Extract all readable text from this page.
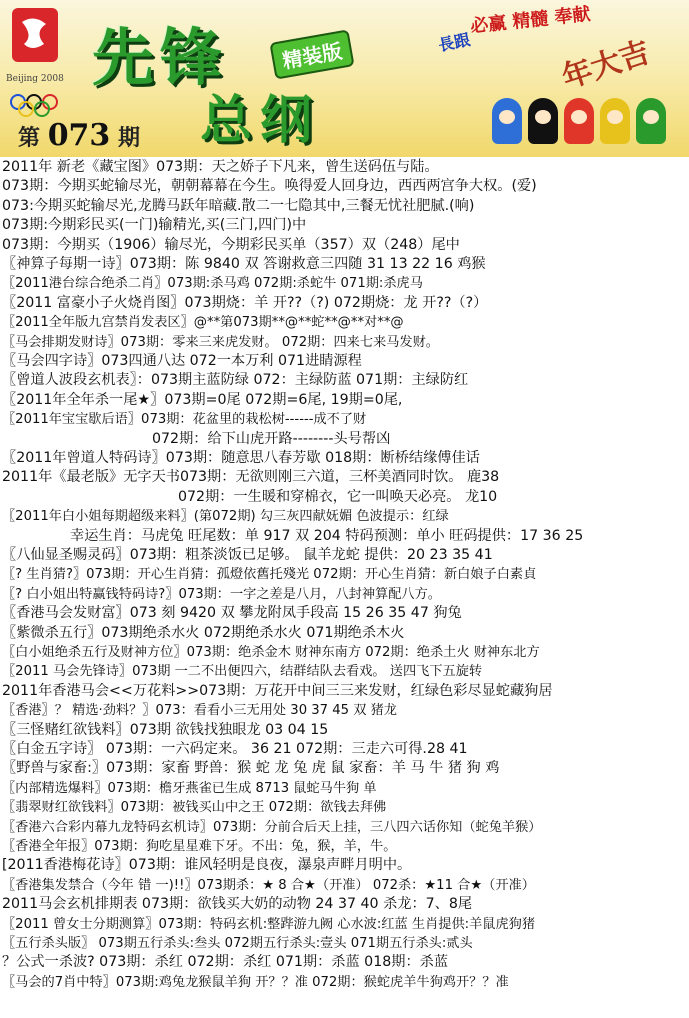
Beijing 2008 先锋	精装版
总纲
必赢 精髓 奉献
長跟	年大吉
第 073 期
2011年 新老《藏宝图》073期：天之娇子下凡来，曾生送码伍与陆。
073期：今期买蛇输尽光，朝朝幕幕在今生。唤得爱人回身边，西西两宫争大权。(爱)
073:今期买蛇输尽光,龙腾马跃年暗藏.散二一七隐其中,三餐无忧社肥腻.(响)
073期:今期彩民买(一门)输精光,买(三门,四门)中
073期：今期买（1906）输尽光，今期彩民买单（357）双（248）尾中
〖神算子每期一诗〗073期：陈 9840 双 答谢救意三四随 31 13 22 16 鸡猴
〖2011港台综合绝杀二肖〗073期:杀马鸡 072期:杀蛇牛 071期:杀虎马
〖2011 富豪小子火烧肖图〗073期烧：羊 开??（?) 072期烧：龙 开??（?）
〖2011全年版九宫禁肖发表区〗@**第073期**@**蛇**@**对**@
〖马会排期发财诗〗073期：零来三来虎发财。 072期：四来七来马发财。
〖马会四字诗〗073四通八达 072一本万利 071进睛源程
〖曾道人波段玄机表〗：073期主蓝防绿 072：主绿防蓝 071期：主绿防红
〖2011年全年杀一尾★〗073期=0尾 072期=6尾, 19期=0尾,
〖2011年宝宝歇后语〗073期：花盆里的栽松树------成不了财
072期：给下山虎开路--------头号帮凶
〖2011年曾道人特码诗〗073期：随意思八春芳歇 018期：断桥结缘傅佳话
2011年《最老版》无字天书073期：无欲则刚三六道，三杯美酒同时饮。 鹿38
072期：一生暖和穿棉衣，它一叫唤天必亮。 龙10
〖2011年白小姐每期超级来料〗(第072期) 勾三灰四献妩媚 色波提示：红绿
幸运生肖：马虎兔 旺尾数：单 917 双 204 特码预测：单小 旺码提供：17 36 25
〖八仙显圣赐灵码〗073期：粗茶淡饭已足够。 鼠羊龙蛇 提供：20 23 35 41
〖? 生肖猜?〗073期：开心生肖猜：孤燈依舊托殘光 072期：开心生肖猜：新白娘子白素貞
〖? 白小姐出特赢钱特码诗?〗073期：一字之差是八月，八封神算配八方。
〖香港马会发财富〗073 刻 9420 双 攀龙附凤手段高 15 26 35 47 狗兔
〖紫微杀五行〗073期绝杀水火 072期绝杀水火 071期绝杀木火
〖白小姐绝杀五行及财神方位〗073期：绝杀金木 财神东南方 072期：绝杀土火 财神东北方
〖2011 马会先锋诗〗073期 一二不出便四六，结群结队去看戏。 送四飞下五旋转
2011年香港马会<<万花料>>073期：万花开中间三三来发财，红绿色彩尽显蛇藏狗居
〖香港〗？ 精选·劲料？〗073：看看小三无用处 30 37 45 双 猪龙
〖三怪赌红欲钱料〗073期 欲钱找独眼龙 03 04 15
〖白金五字诗〗 073期：一六码定来。 36 21 072期：三走六可得.28 41
〖野兽与家畜:〗073期：家畜 野兽：猴 蛇 龙 兔 虎 鼠 家畜：羊 马 牛 猪 狗 鸡
〖内部精选爆料〗073期：檐牙燕雀已生成 8713 鼠蛇马牛狗 单
〖翡翠财红欲钱料〗073期：被钱买山中之王 072期：欲钱去拜佛
〖香港六合彩内幕九龙特码玄机诗〗073期：分前合后天上挂，三八四六话你知（蛇兔羊猴）
〖香港全年报〗073期：狗吃星星难下牙。不出：兔，猴，羊，牛。
[2011香港梅花诗〗073期：谁风轻明是良夜，瀑泉声畔月明中。
〖香港集发禁合（今年 错 一)!!〗073期杀：★ 8 合★（开准） 072杀：★11 合★（开准）
2011马会玄机排期表 073期：欲钱买大奶的动物 24 37 40 杀龙：7、8尾
〖2011 曾女士分期测算〗073期：特码玄机:整跸游九阙 心水波:红蓝 生肖提供:羊鼠虎狗猪
〖五行杀头版〗 073期五行杀头:叁头 072期五行杀头:壹头 071期五行杀头:贰头
？公式一杀波? 073期：杀红 072期：杀红 071期：杀蓝 018期：杀蓝
〖马会的7肖中特〗073期:鸡兔龙猴鼠羊狗 开？？准 072期：猴蛇虎羊牛狗鸡开？？准
